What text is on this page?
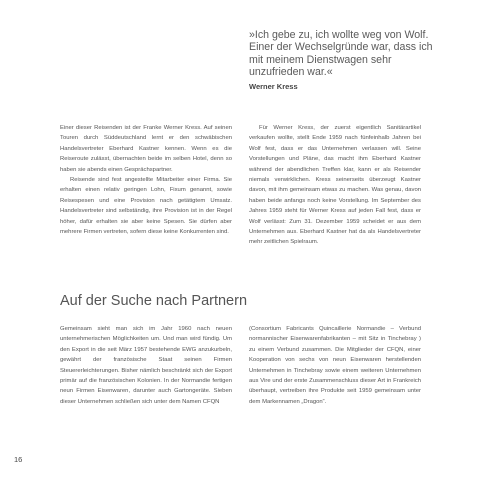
»Ich gebe zu, ich wollte weg von Wolf. Einer der Wechselgründe war, dass ich mit meinem Dienstwagen sehr unzufrieden war.«

Werner Kress

Einer dieser Reisenden ist der Franke Werner Kress. Auf seinen Touren durch Süddeutschland lernt er den schwäbischen Handelsvertreter Eberhard Kastner kennen. Wenn es die Reiseroute zulässt, übernachten beide im selben Hotel, denn so haben sie abends einen Gesprächspartner.

Reisende sind fest angestellte Mitarbeiter einer Firma. Sie erhalten einen relativ geringen Lohn, Fixum genannt, sowie Reisespesen und eine Provision nach getätigtem Umsatz. Handelsvertreter sind selbständig, ihre Provision ist in der Regel höher, dafür erhalten sie aber keine Spesen. Sie dürfen aber mehrere Firmen vertreten, sofern diese keine Konkurrenten sind.

Für Werner Kress, der zuerst eigentlich Sanitärartikel verkaufen wollte, stellt Ende 1959 nach fünfeinhalb Jahren bei Wolf fest, dass er das Unternehmen verlassen will. Seine Vorstellungen und Pläne, das macht ihm Eberhard Kastner während der abendlichen Treffen klar, kann er als Reisender niemals verwirklichen. Kress seinerseits überzeugt Kastner davon, mit ihm gemeinsam etwas zu machen. Was genau, davon haben beide anfangs noch keine Vorstellung. Im September des Jahres 1959 steht für Werner Kress auf jeden Fall fest, dass er Wolf verlässt: Zum 31. Dezember 1959 scheidet er aus dem Unternehmen aus. Eberhard Kastner hat da als Handelsvertreter mehr zeitlichen Spielraum.

Auf der Suche nach Partnern

Gemeinsam sieht man sich im Jahr 1960 nach neuen unternehmerischen Möglichkeiten um. Und man wird fündig. Um den Export in die seit März 1957 bestehende EWG anzukurbeln, gewährt der französische Staat seinen Firmen Steuererleichterungen. Bisher nämlich beschränkt sich der Export primär auf die französischen Kolonien. In der Normandie fertigen neun Firmen Eisenwaren, darunter auch Gartongeräte. Sieben dieser Unternehmen schließen sich unter dem Namen CFQN

(Consortium Fabricants Quincaillerie Normandie – Verbund normannischer Eisenwarenfabrikanten – mit Sitz in Tinchebray ) zu einem Verbund zusammen. Die Mitglieder der CFQN, einer Kooperation von sechs von neun Eisenwaren herstellenden Unternehmen in Tinchebray sowie einem weiteren Unternehmen aus Vire und der erste Zusammenschluss dieser Art in Frankreich überhaupt, vertreiben ihre Produkte seit 1959 gemeinsam unter dem Markennamen „Dragon“.

16
